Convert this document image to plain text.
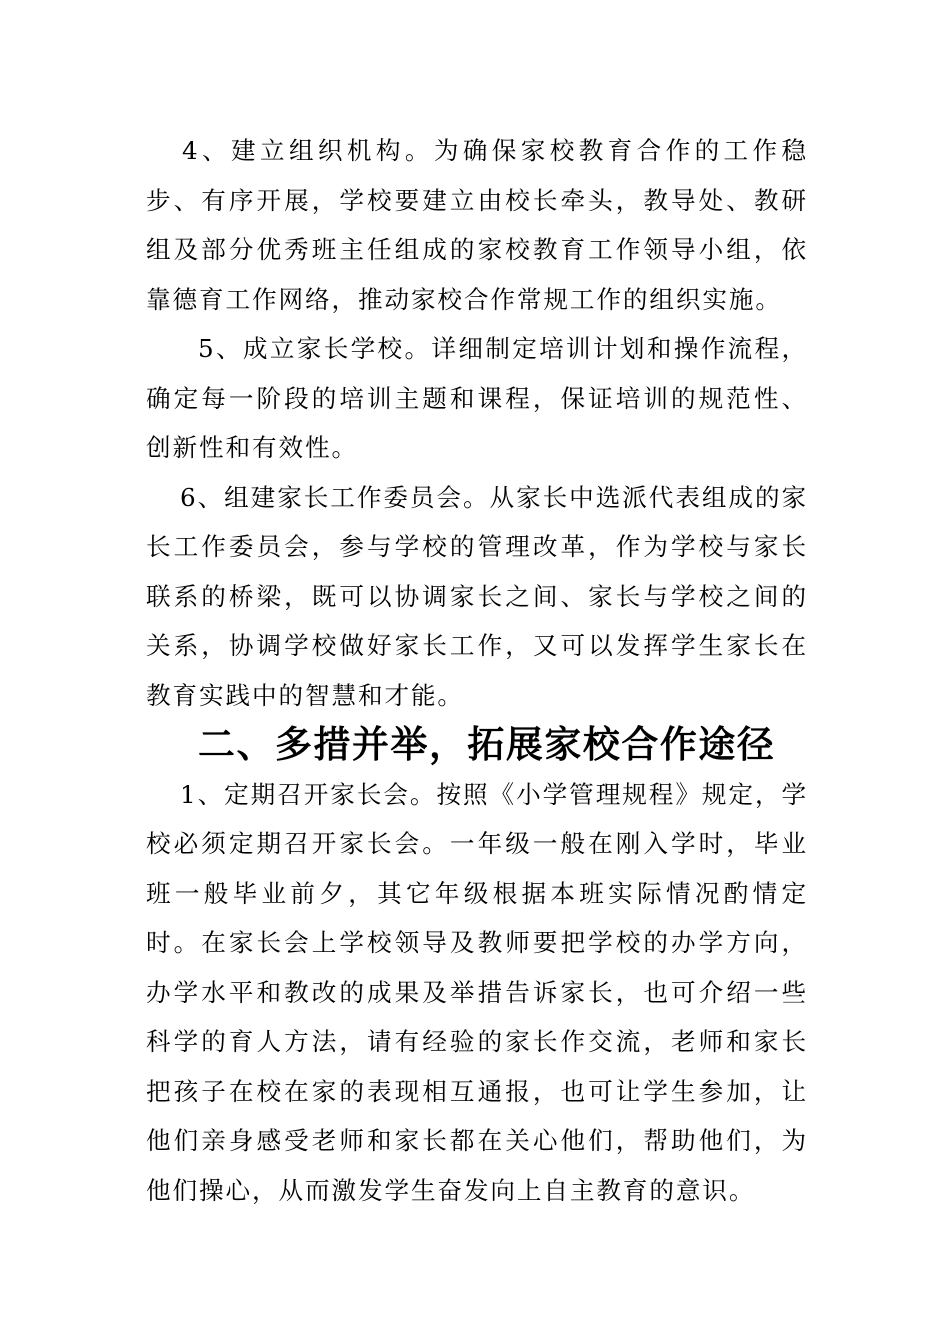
4、建立组织机构。为确保家校教育合作的工作稳步、有序开展，学校要建立由校长牵头，教导处、教研组及部分优秀班主任组成的家校教育工作领导小组，依靠德育工作网络，推动家校合作常规工作的组织实施。

5、成立家长学校。详细制定培训计划和操作流程，确定每一阶段的培训主题和课程，保证培训的规范性、创新性和有效性。

6、组建家长工作委员会。从家长中选派代表组成的家长工作委员会，参与学校的管理改革，作为学校与家长联系的桥梁，既可以协调家长之间、家长与学校之间的关系，协调学校做好家长工作，又可以发挥学生家长在教育实践中的智慧和才能。

二、多措并举，拓展家校合作途径

1、定期召开家长会。按照《小学管理规程》规定，学校必须定期召开家长会。一年级一般在刚入学时，毕业班一般毕业前夕，其它年级根据本班实际情况酌情定时。在家长会上学校领导及教师要把学校的办学方向，办学水平和教改的成果及举措告诉家长，也可介绍一些科学的育人方法，请有经验的家长作交流，老师和家长把孩子在校在家的表现相互通报，也可让学生参加，让他们亲身感受老师和家长都在关心他们，帮助他们，为他们操心，从而激发学生奋发向上自主教育的意识。
